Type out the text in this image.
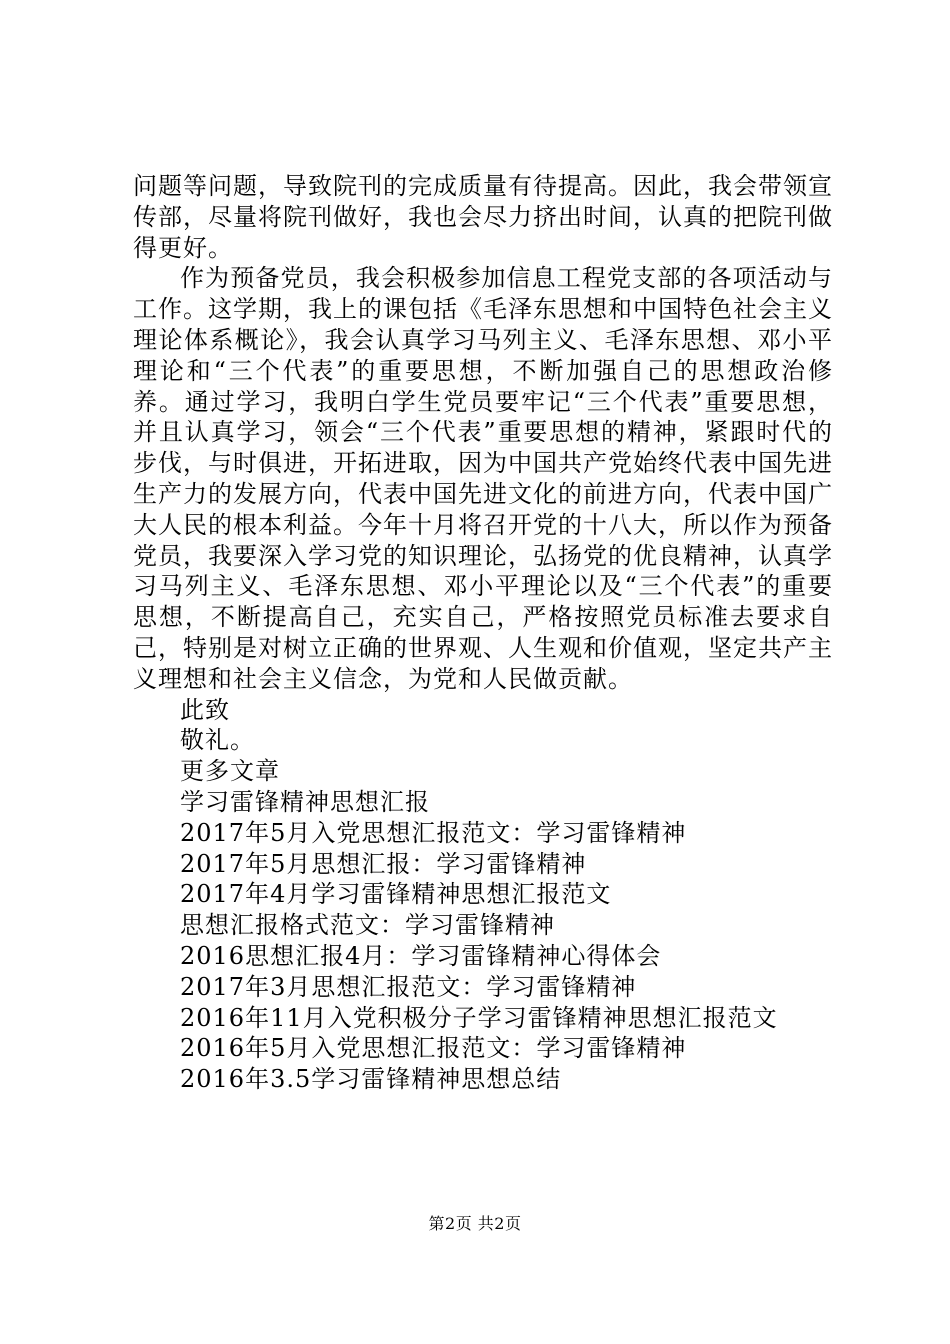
问题等问题，导致院刊的完成质量有待提高。因此，我会带领宣传部，尽量将院刊做好，我也会尽力挤出时间，认真的把院刊做得更好。

作为预备党员，我会积极参加信息工程党支部的各项活动与工作。这学期，我上的课包括《毛泽东思想和中国特色社会主义理论体系概论》，我会认真学习马列主义、毛泽东思想、邓小平理论和“三个代表”的重要思想，不断加强自己的思想政治修养。通过学习，我明白学生党员要牢记“三个代表”重要思想，并且认真学习，领会“三个代表”重要思想的精神，紧跟时代的步伐，与时俱进，开拓进取，因为中国共产党始终代表中国先进生产力的发展方向，代表中国先进文化的前进方向，代表中国广大人民的根本利益。今年十月将召开党的十八大，所以作为预备党员，我要深入学习党的知识理论，弘扬党的优良精神，认真学习马列主义、毛泽东思想、邓小平理论以及“三个代表”的重要思想，不断提高自己，充实自己，严格按照党员标准去要求自己，特别是对树立正确的世界观、人生观和价值观，坚定共产主义理想和社会主义信念，为党和人民做贡献。

此致

敬礼。

更多文章

学习雷锋精神思想汇报

2017年5月入党思想汇报范文：学习雷锋精神

2017年5月思想汇报：学习雷锋精神

2017年4月学习雷锋精神思想汇报范文

思想汇报格式范文：学习雷锋精神

2016思想汇报4月：学习雷锋精神心得体会

2017年3月思想汇报范文：学习雷锋精神

2016年11月入党积极分子学习雷锋精神思想汇报范文

2016年5月入党思想汇报范文：学习雷锋精神

2016年3.5学习雷锋精神思想总结

第2页 共2页
